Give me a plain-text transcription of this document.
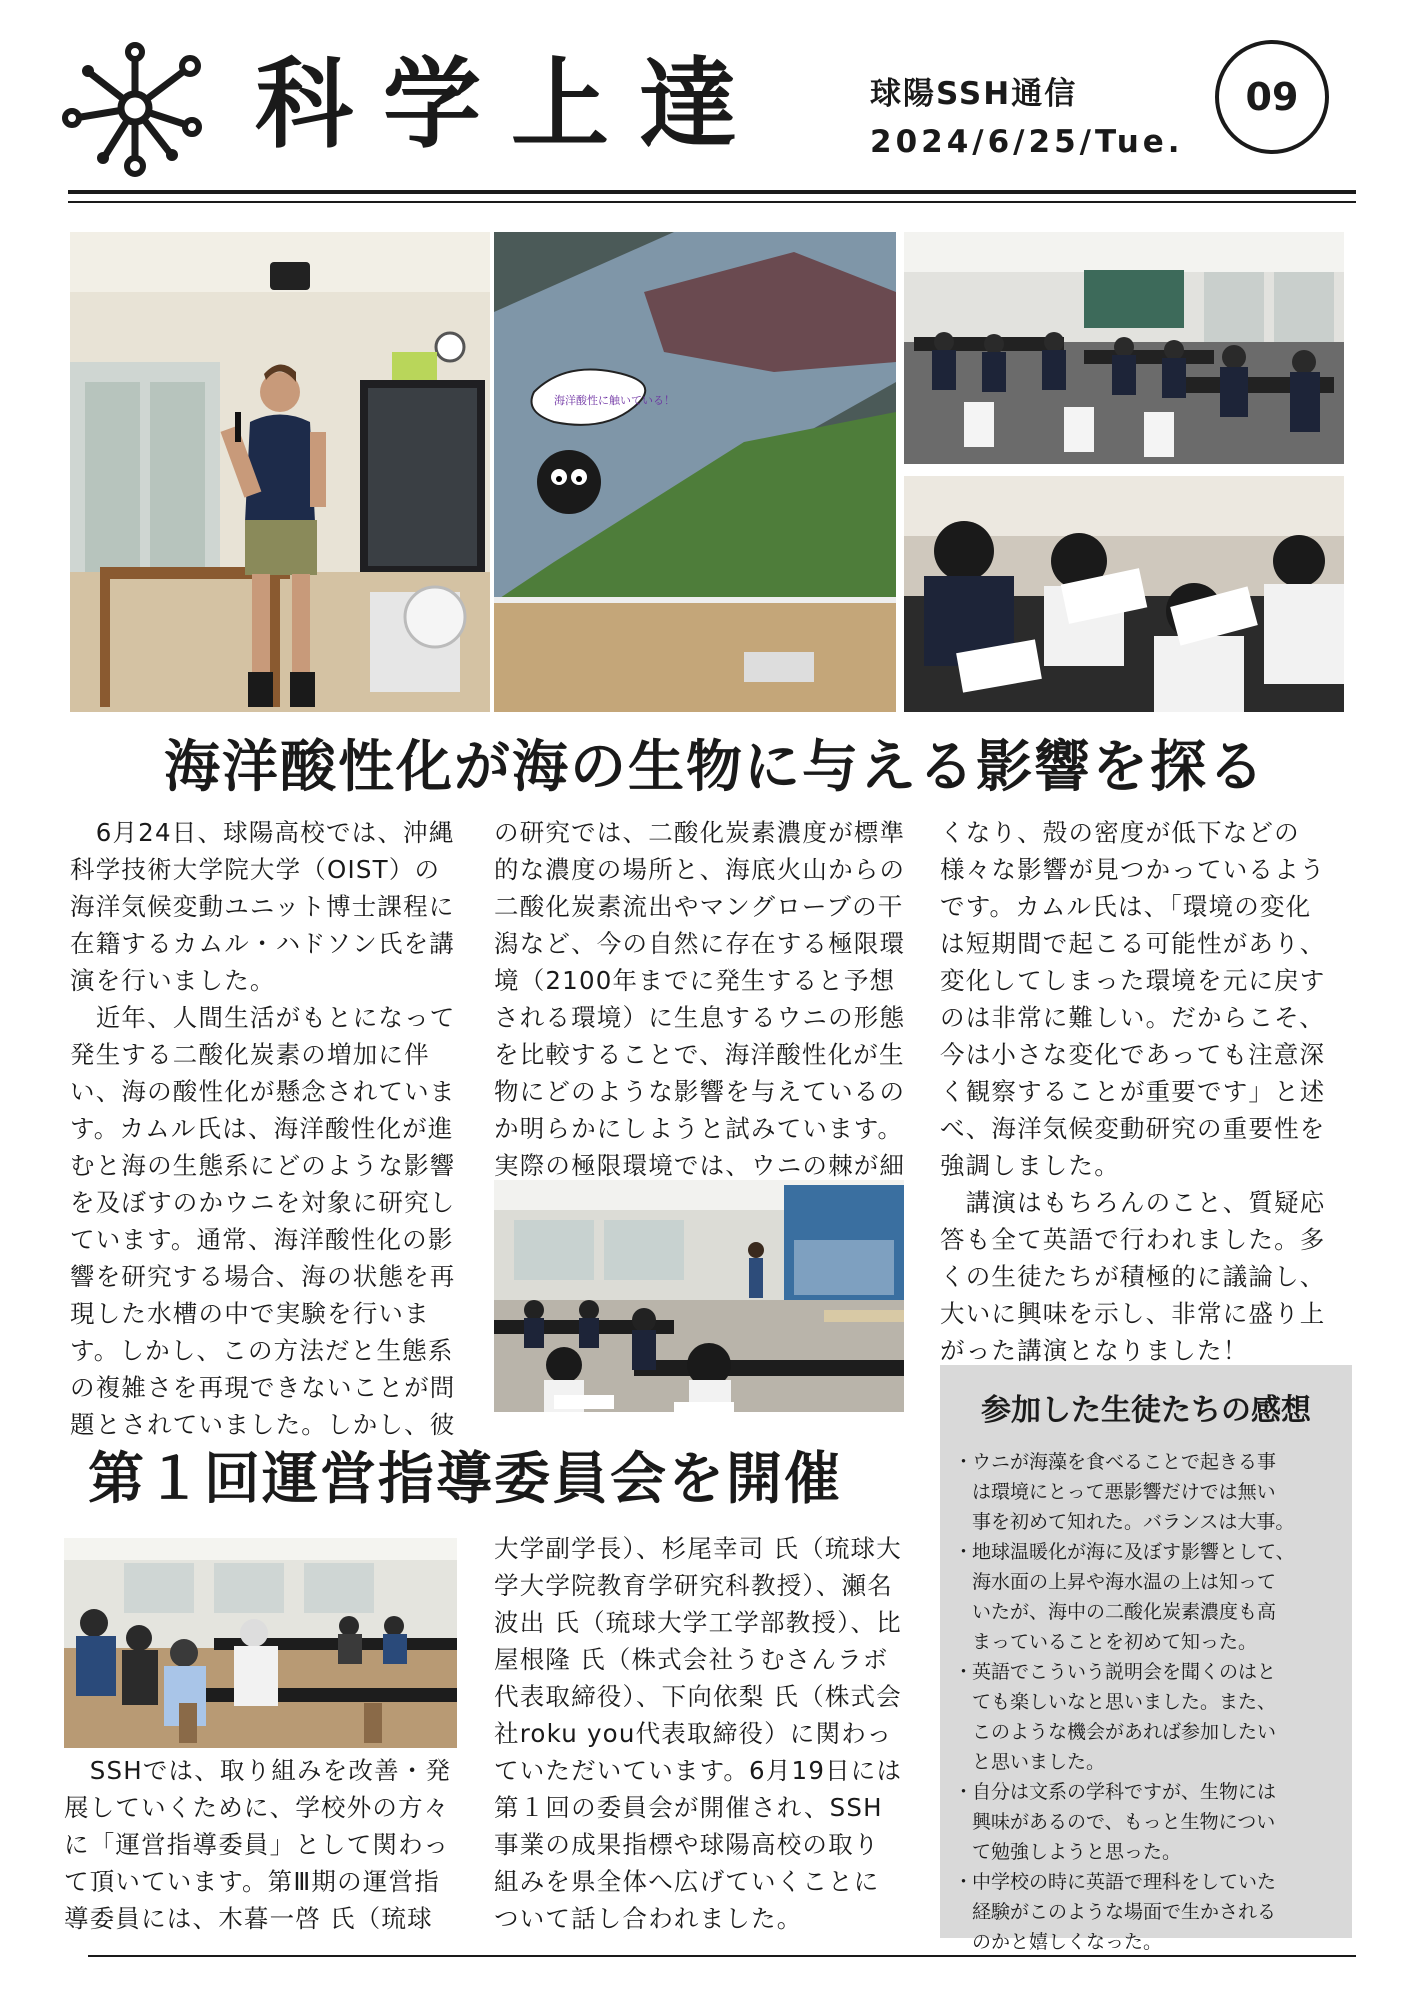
科学上達	球陽SSH通信
2024/6/25/Tue.
09
海洋酸性に触いている！
海洋酸性化が海の生物に与える影響を探る

　6月24日、球陽高校では、沖縄

科学技術大学院大学（OIST）の

海洋気候変動ユニット博士課程に

在籍するカムル・ハドソン氏を講

演を行いました。

　近年、人間生活がもとになって

発生する二酸化炭素の増加に伴

い、海の酸性化が懸念されていま

す。カムル氏は、海洋酸性化が進

むと海の生態系にどのような影響

を及ぼすのかウニを対象に研究し

ています。通常、海洋酸性化の影

響を研究する場合、海の状態を再

現した水槽の中で実験を行いま

す。しかし、この方法だと生態系

の複雑さを再現できないことが問

題とされていました。しかし、彼

の研究では、二酸化炭素濃度が標準

的な濃度の場所と、海底火山からの

二酸化炭素流出やマングローブの干

潟など、今の自然に存在する極限環

境（2100年までに発生すると予想

される環境）に生息するウニの形態

を比較することで、海洋酸性化が生

物にどのような影響を与えているの

か明らかにしようと試みています。

実際の極限環境では、ウニの棘が細

くなり、殻の密度が低下などの

様々な影響が見つかっているよう

です。カムル氏は、「環境の変化

は短期間で起こる可能性があり、

変化してしまった環境を元に戻す

のは非常に難しい。だからこそ、

今は小さな変化であっても注意深

く観察することが重要です」と述

べ、海洋気候変動研究の重要性を

強調しました。

　講演はもちろんのこと、質疑応

答も全て英語で行われました。多

くの生徒たちが積極的に議論し、

大いに興味を示し、非常に盛り上

がった講演となりました！

参加した生徒たちの感想

・ウニが海藻を食べることで起きる事

は環境にとって悪影響だけでは無い

事を初めて知れた。バランスは大事。

・地球温暖化が海に及ぼす影響として、

海水面の上昇や海水温の上は知って

いたが、海中の二酸化炭素濃度も高

まっていることを初めて知った。

・英語でこういう説明会を聞くのはと

ても楽しいなと思いました。また、

このような機会があれば参加したい

と思いました。

・自分は文系の学科ですが、生物には

興味があるので、もっと生物につい

て勉強しようと思った。

・中学校の時に英語で理科をしていた

経験がこのような場面で生かされる

のかと嬉しくなった。

第１回運営指導委員会を開催

　SSHでは、取り組みを改善・発

展していくために、学校外の方々

に「運営指導委員」として関わっ

て頂いています。第Ⅲ期の運営指

導委員には、木暮一啓 氏（琉球

大学副学長）、杉尾幸司 氏（琉球大

学大学院教育学研究科教授）、瀬名

波出 氏（琉球大学工学部教授）、比

屋根隆 氏（株式会社うむさんラボ

代表取締役）、下向依梨 氏（株式会

社roku you代表取締役）に関わっ

ていただいています。6月19日には

第１回の委員会が開催され、SSH

事業の成果指標や球陽高校の取り

組みを県全体へ広げていくことに

ついて話し合われました。
